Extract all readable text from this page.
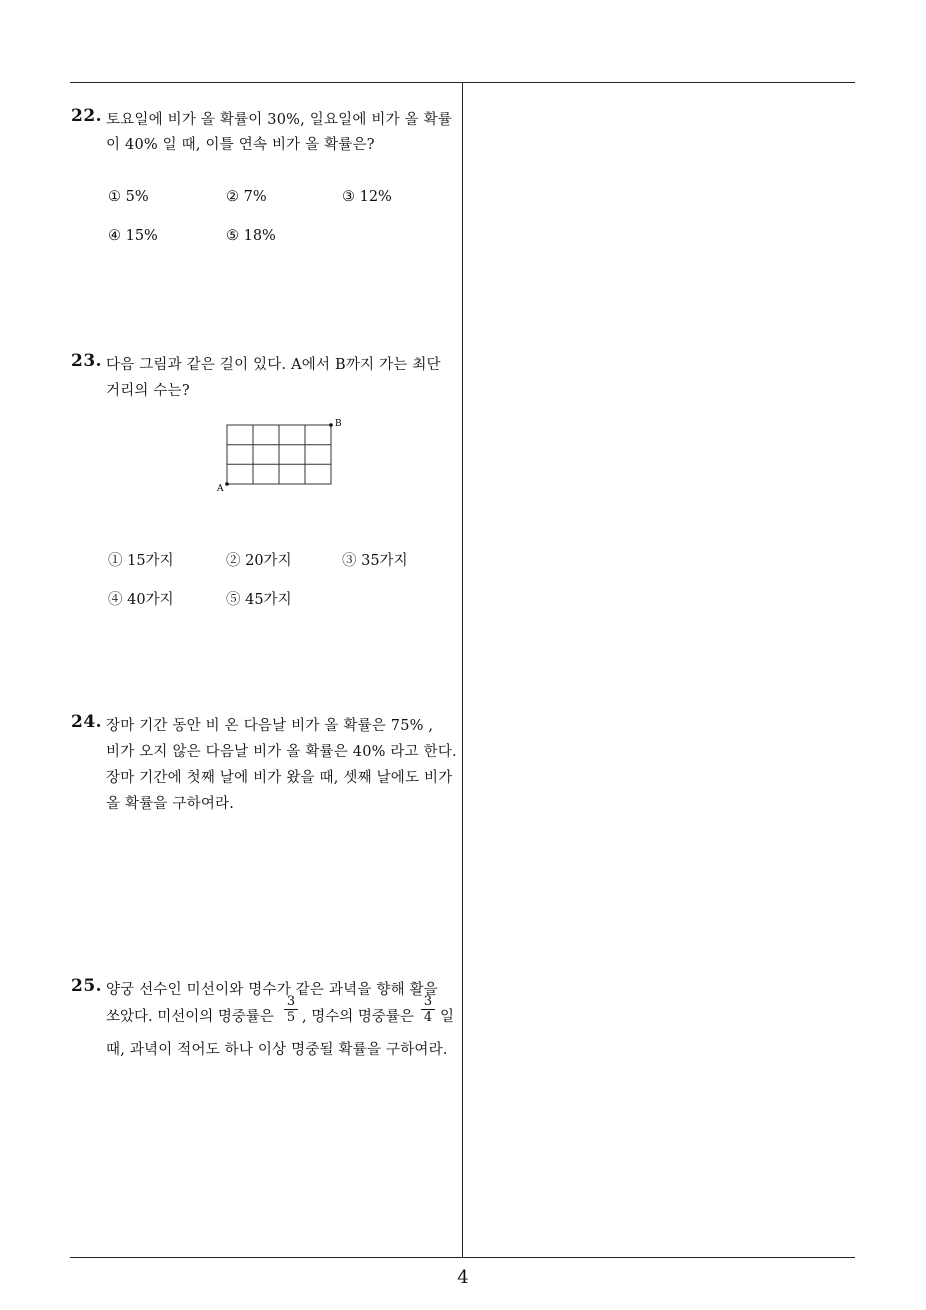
22. 토요일에 비가 올 확률이 30%, 일요일에 비가 올 확률
이 40% 일 때, 이틀 연속 비가 올 확률은?
① 5%	② 7%	③ 12%
④ 15%	⑤ 18%
23. 다음 그림과 같은 길이 있다. A에서 B까지 가는 최단
거리의 수는?
A
B
① 15가지	② 20가지	③ 35가지
④ 40가지	⑤ 45가지
24. 장마 기간 동안 비 온 다음날 비가 올 확률은 75% ,
비가 오지 않은 다음날 비가 올 확률은 40% 라고 한다.
장마 기간에 첫째 날에 비가 왔을 때, 셋째 날에도 비가
올 확률을 구하여라.
25. 양궁 선수인 미선이와 명수가 같은 과녁을 향해 활을
쏘았다. 미선이의 명중률은 $\frac{3}{5}$ , 명수의 명중률은 $\frac{3}{4}$ 일
때, 과녁이 적어도 하나 이상 명중될 확률을 구하여라.
4
